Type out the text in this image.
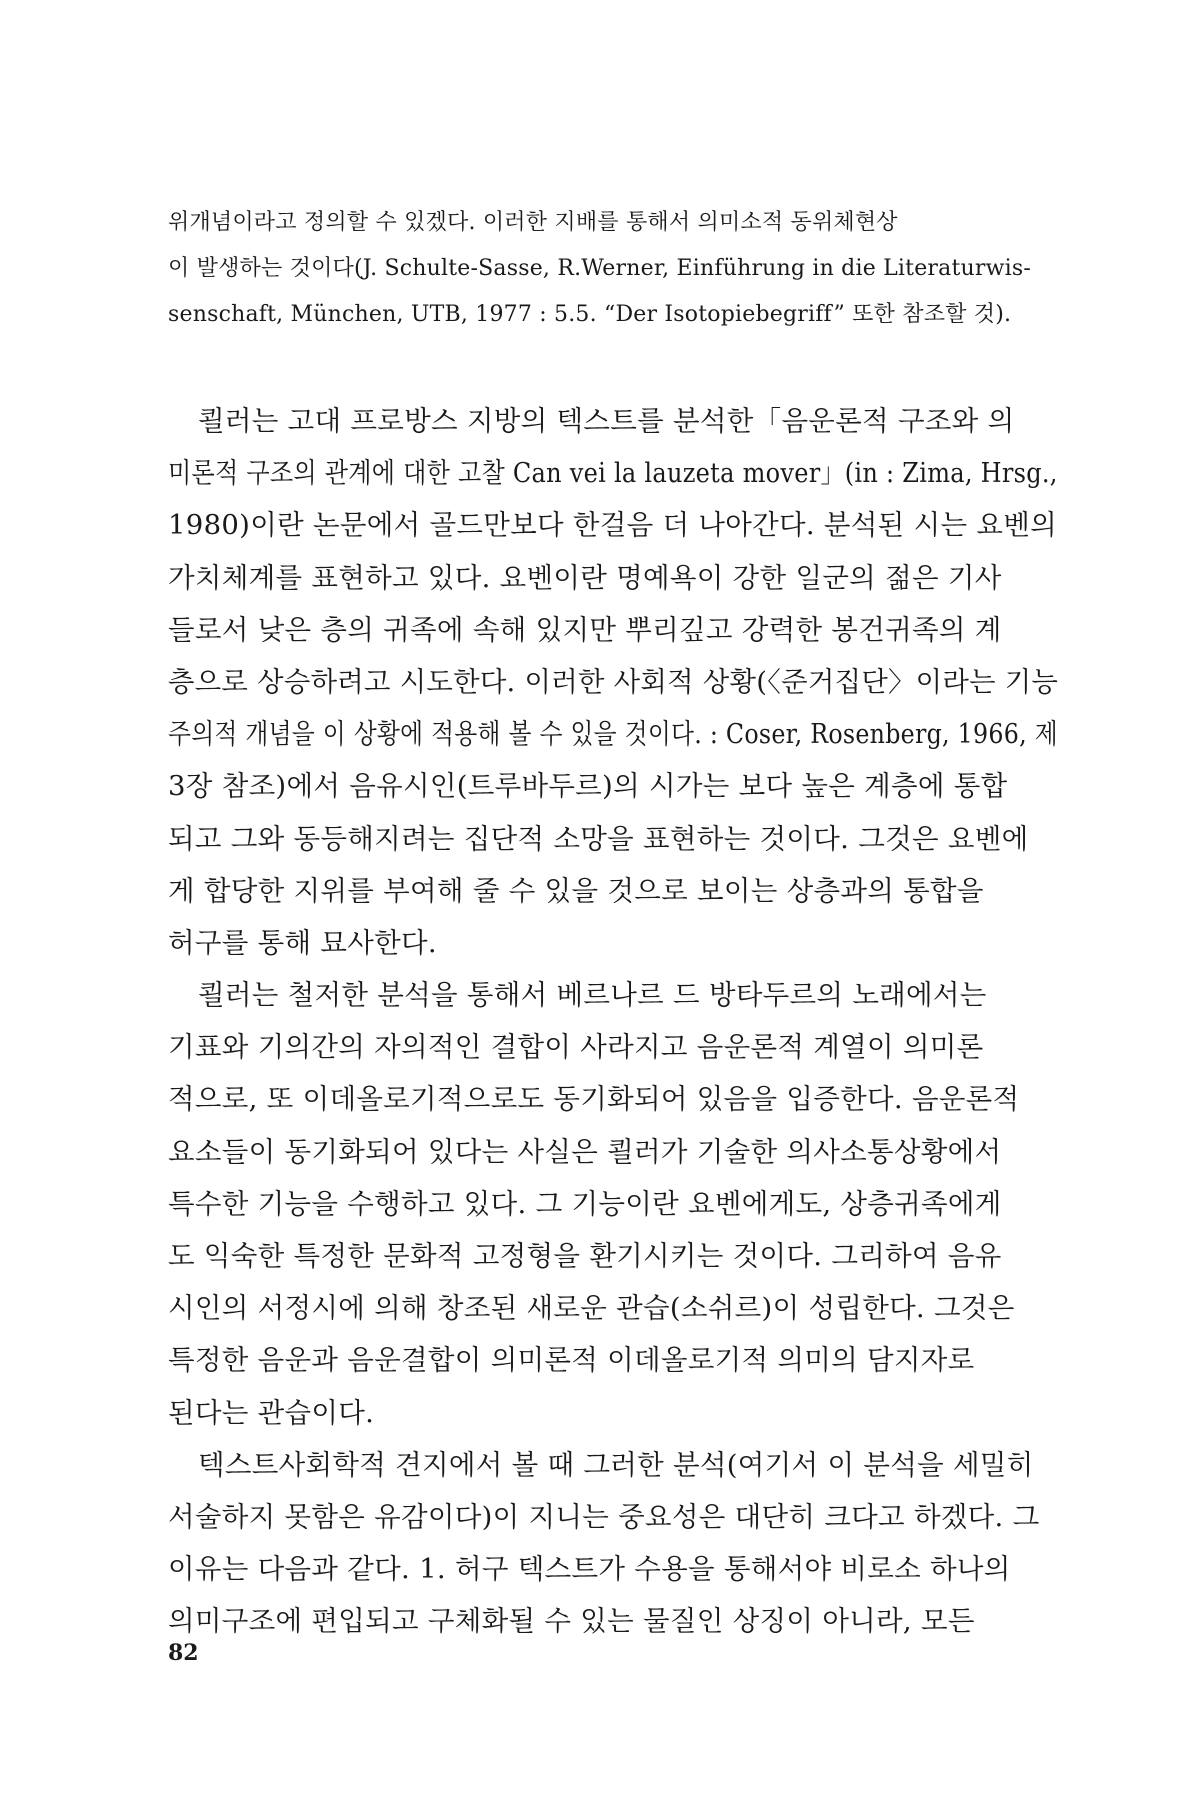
위개념이라고 정의할 수 있겠다. 이러한 지배를 통해서 의미소적 동위체현상
이 발생하는 것이다(J. Schulte-Sasse, R.Werner, Einführung in die Literaturwis-
senschaft, München, UTB, 1977 : 5.5. “Der Isotopiebegriff” 또한 참조할 것).
쾰러는 고대 프로방스 지방의 텍스트를 분석한「음운론적 구조와 의
미론적 구조의 관계에 대한 고찰 Can vei la lauzeta mover」(in : Zima, Hrsg.,
1980)이란 논문에서 골드만보다 한걸음 더 나아간다. 분석된 시는 요벤의
가치체계를 표현하고 있다. 요벤이란 명예욕이 강한 일군의 젊은 기사
들로서 낮은 층의 귀족에 속해 있지만 뿌리깊고 강력한 봉건귀족의 계
층으로 상승하려고 시도한다. 이러한 사회적 상황(〈준거집단〉이라는 기능
주의적 개념을 이 상황에 적용해 볼 수 있을 것이다. : Coser, Rosenberg, 1966, 제
3장 참조)에서 음유시인(트루바두르)의 시가는 보다 높은 계층에 통합
되고 그와 동등해지려는 집단적 소망을 표현하는 것이다. 그것은 요벤에
게 합당한 지위를 부여해 줄 수 있을 것으로 보이는 상층과의 통합을
허구를 통해 묘사한다.
쾰러는 철저한 분석을 통해서 베르나르 드 방타두르의 노래에서는
기표와 기의간의 자의적인 결합이 사라지고 음운론적 계열이 의미론
적으로, 또 이데올로기적으로도 동기화되어 있음을 입증한다. 음운론적
요소들이 동기화되어 있다는 사실은 쾰러가 기술한 의사소통상황에서
특수한 기능을 수행하고 있다. 그 기능이란 요벤에게도, 상층귀족에게
도 익숙한 특정한 문화적 고정형을 환기시키는 것이다. 그리하여 음유
시인의 서정시에 의해 창조된 새로운 관습(소쉬르)이 성립한다. 그것은
특정한 음운과 음운결합이 의미론적 이데올로기적 의미의 담지자로
된다는 관습이다.
텍스트사회학적 견지에서 볼 때 그러한 분석(여기서 이 분석을 세밀히
서술하지 못함은 유감이다)이 지니는 중요성은 대단히 크다고 하겠다. 그
이유는 다음과 같다. 1. 허구 텍스트가 수용을 통해서야 비로소 하나의
의미구조에 편입되고 구체화될 수 있는 물질인 상징이 아니라, 모든
82
